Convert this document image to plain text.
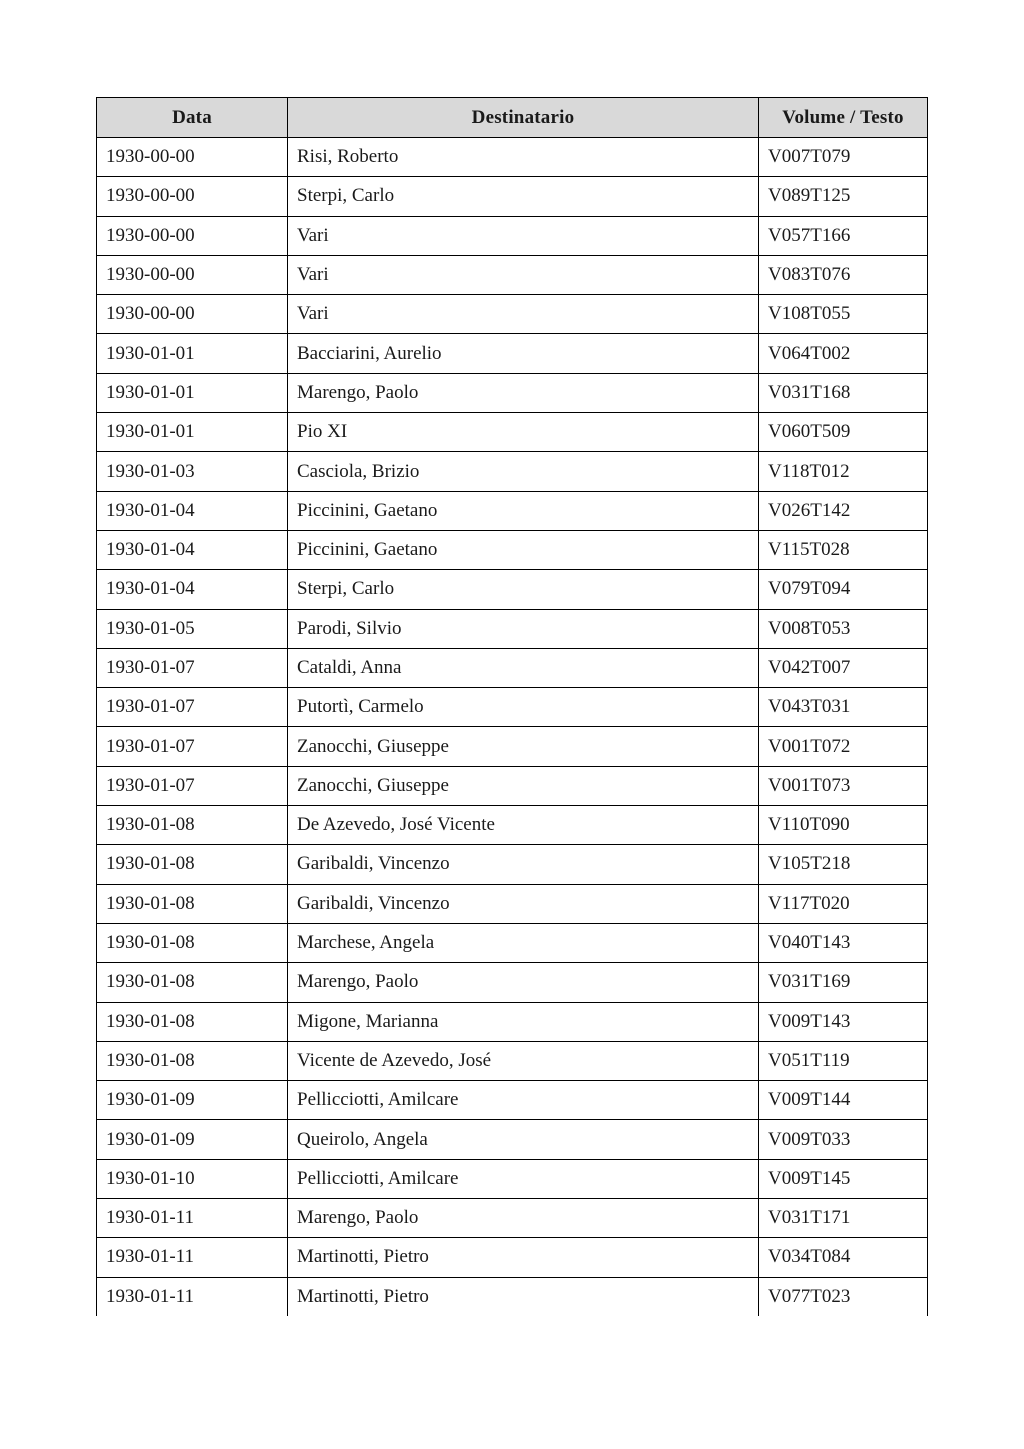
Data	Destinatario	Volume / Testo
1930-00-00	Risi, Roberto	V007T079
1930-00-00	Sterpi, Carlo	V089T125
1930-00-00	Vari	V057T166
1930-00-00	Vari	V083T076
1930-00-00	Vari	V108T055
1930-01-01	Bacciarini, Aurelio	V064T002
1930-01-01	Marengo, Paolo	V031T168
1930-01-01	Pio XI	V060T509
1930-01-03	Casciola, Brizio	V118T012
1930-01-04	Piccinini, Gaetano	V026T142
1930-01-04	Piccinini, Gaetano	V115T028
1930-01-04	Sterpi, Carlo	V079T094
1930-01-05	Parodi, Silvio	V008T053
1930-01-07	Cataldi, Anna	V042T007
1930-01-07	Putortì, Carmelo	V043T031
1930-01-07	Zanocchi, Giuseppe	V001T072
1930-01-07	Zanocchi, Giuseppe	V001T073
1930-01-08	De Azevedo, José Vicente	V110T090
1930-01-08	Garibaldi, Vincenzo	V105T218
1930-01-08	Garibaldi, Vincenzo	V117T020
1930-01-08	Marchese, Angela	V040T143
1930-01-08	Marengo, Paolo	V031T169
1930-01-08	Migone, Marianna	V009T143
1930-01-08	Vicente de Azevedo, José	V051T119
1930-01-09	Pellicciotti, Amilcare	V009T144
1930-01-09	Queirolo, Angela	V009T033
1930-01-10	Pellicciotti, Amilcare	V009T145
1930-01-11	Marengo, Paolo	V031T171
1930-01-11	Martinotti, Pietro	V034T084
1930-01-11	Martinotti, Pietro	V077T023
